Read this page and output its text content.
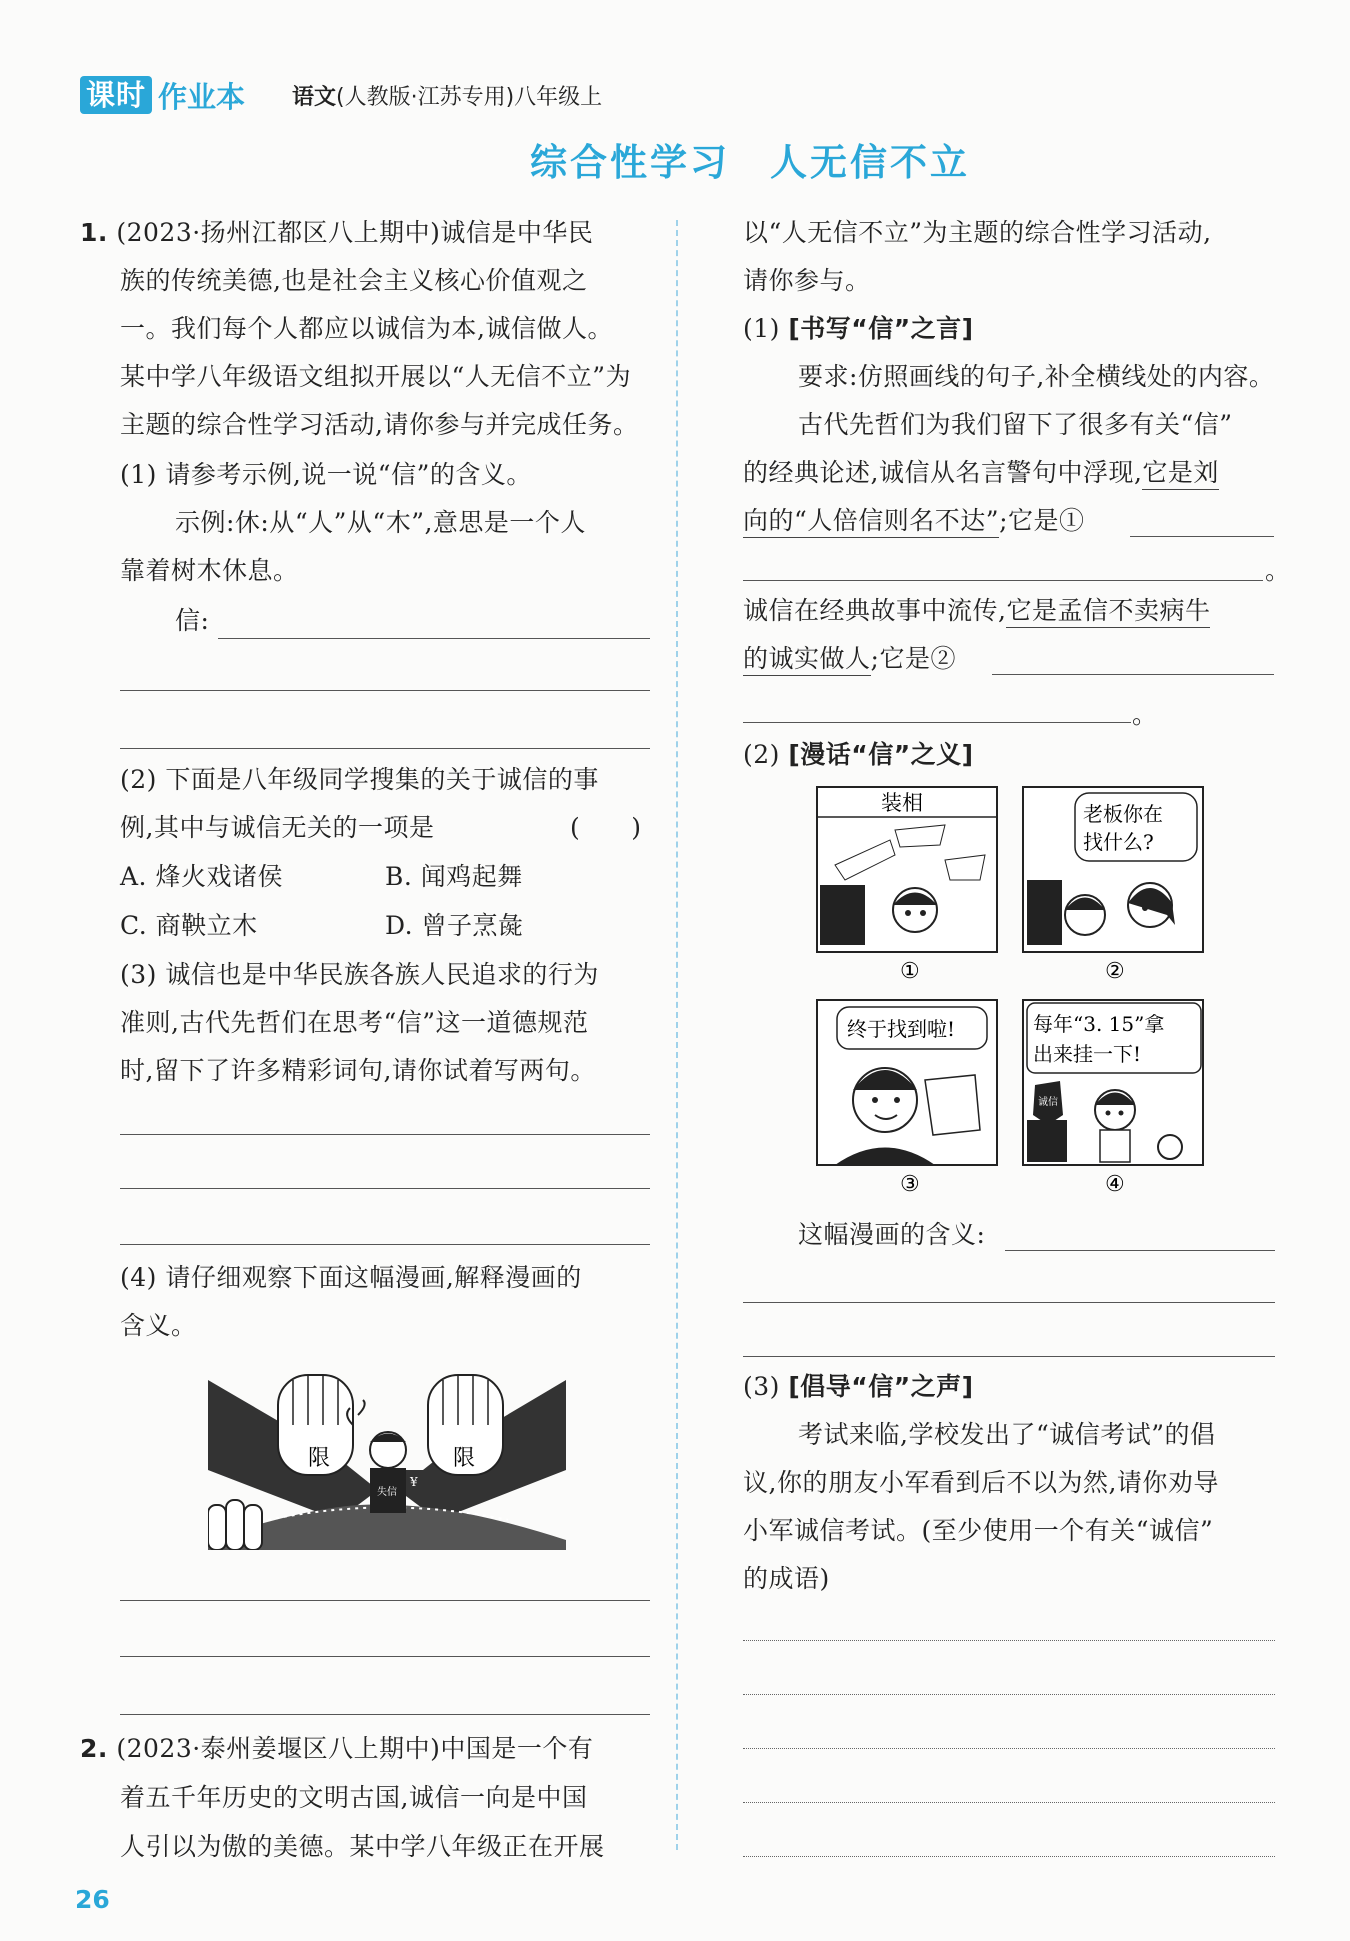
课时 作业本 语文(人教版·江苏专用)八年级上
综合性学习　人无信不立
1. (2023·扬州江都区八上期中)诚信是中华民
族的传统美德,也是社会主义核心价值观之
一。我们每个人都应以诚信为本,诚信做人。
某中学八年级语文组拟开展以“人无信不立”为
主题的综合性学习活动,请你参与并完成任务。
(1) 请参考示例,说一说“信”的含义。
示例:休:从“人”从“木”,意思是一个人
靠着树木休息。
信:
(2) 下面是八年级同学搜集的关于诚信的事
例,其中与诚信无关的一项是	(　　)
A. 烽火戏诸侯	B. 闻鸡起舞
C. 商鞅立木	D. 曾子烹彘
(3) 诚信也是中华民族各族人民追求的行为
准则,古代先哲们在思考“信”这一道德规范
时,留下了许多精彩词句,请你试着写两句。
(4) 请仔细观察下面这幅漫画,解释漫画的
含义。
限	限
失信
¥
2. (2023·泰州姜堰区八上期中)中国是一个有
着五千年历史的文明古国,诚信一向是中国
人引以为傲的美德。某中学八年级正在开展
以“人无信不立”为主题的综合性学习活动,
请你参与。
(1) [书写“信”之言]
要求:仿照画线的句子,补全横线处的内容。
古代先哲们为我们留下了很多有关“信”
的经典论述,诚信从名言警句中浮现,它是刘
向的“人倍信则名不达”;它是①
。
诚信在经典故事中流传,它是孟信不卖病牛
的诚实做人;它是②
。
(2) [漫话“信”之义]
装相
①
老板你在
找什么?
②
终于找到啦!
③
每年“3. 15”拿
出来挂一下!
诚信
④
这幅漫画的含义:
(3) [倡导“信”之声]
考试来临,学校发出了“诚信考试”的倡
议,你的朋友小军看到后不以为然,请你劝导
小军诚信考试。(至少使用一个有关“诚信”
的成语)
26
